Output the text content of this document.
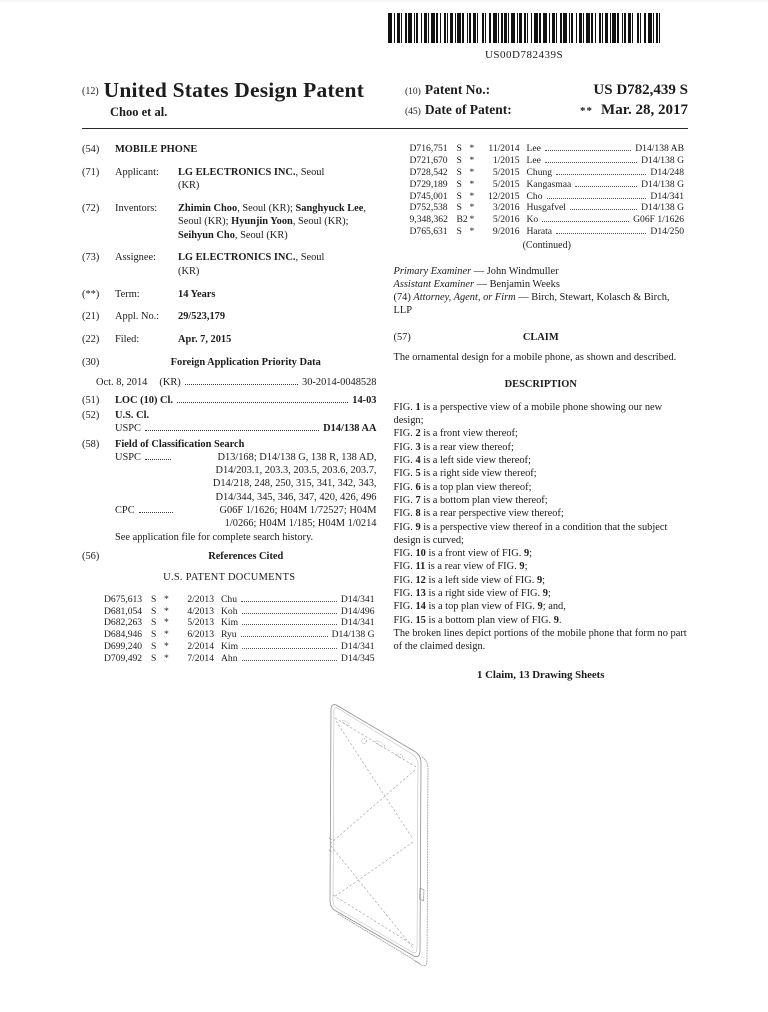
US00D782439S
(12) United States Design Patent
Choo et al.
(10) Patent No.:	US D782,439 S
(45) Date of Patent:	** Mar. 28, 2017
(54)	MOBILE PHONE
(71)	Applicant:	LG ELECTRONICS INC., Seoul
(KR)
(72)	Inventors:	Zhimin Choo, Seoul (KR); Sanghyuck Lee, Seoul (KR); Hyunjin Yoon, Seoul (KR); Seihyun Cho, Seoul (KR)
(73)	Assignee:	LG ELECTRONICS INC., Seoul
(KR)
(**)	Term:	14 Years
(21)	Appl. No.:	29/523,179
(22)	Filed:	Apr. 7, 2015
(30)	Foreign Application Priority Data
Oct. 8, 2014 (KR)	30-2014-0048528
(51)	LOC (10) Cl.	14-03
(52)	U.S. Cl.
USPC	D14/138 AA
(58)	Field of Classification Search
USPC	D13/168; D14/138 G, 138 R, 138 AD,
D14/203.1, 203.3, 203.5, 203.6, 203.7,
D14/218, 248, 250, 315, 341, 342, 343,
D14/344, 345, 346, 347, 420, 426, 496
CPC	G06F 1/1626; H04M 1/72527; H04M
1/0266; H04M 1/185; H04M 1/0214
See application file for complete search history.
(56)	References Cited
U.S. PATENT DOCUMENTS
D675,613 S *	2/2013 Chu	D14/341
D681,054 S *	4/2013 Koh	D14/496
D682,263 S *	5/2013 Kim	D14/341
D684,946 S *	6/2013 Ryu	D14/138 G
D699,240 S *	2/2014 Kim	D14/341
D709,492 S *	7/2014 Ahn	D14/345
D716,751 S *	11/2014 Lee	D14/138 AB
D721,670 S *	1/2015 Lee	D14/138 G
D728,542 S *	5/2015 Chung	D14/248
D729,189 S *	5/2015 Kangasmaa	D14/138 G
D745,001 S *	12/2015 Cho	D14/341
D752,538 S *	3/2016 Husgafvel	D14/138 G
9,348,362 B2 *	5/2016 Ko	G06F 1/1626
D765,631 S *	9/2016 Harata	D14/250
(Continued)
Primary Examiner — John Windmuller
Assistant Examiner — Benjamin Weeks
(74) Attorney, Agent, or Firm — Birch, Stewart, Kolasch & Birch, LLP
(57)	CLAIM
The ornamental design for a mobile phone, as shown and described.
DESCRIPTION
FIG. 1 is a perspective view of a mobile phone showing our new design;
FIG. 2 is a front view thereof;
FIG. 3 is a rear view thereof;
FIG. 4 is a left side view thereof;
FIG. 5 is a right side view thereof;
FIG. 6 is a top plan view thereof;
FIG. 7 is a bottom plan view thereof;
FIG. 8 is a rear perspective view thereof;
FIG. 9 is a perspective view thereof in a condition that the subject design is curved;
FIG. 10 is a front view of FIG. 9;
FIG. 11 is a rear view of FIG. 9;
FIG. 12 is a left side view of FIG. 9;
FIG. 13 is a right side view of FIG. 9;
FIG. 14 is a top plan view of FIG. 9; and,
FIG. 15 is a bottom plan view of FIG. 9.
The broken lines depict portions of the mobile phone that form no part of the claimed design.
1 Claim, 13 Drawing Sheets
